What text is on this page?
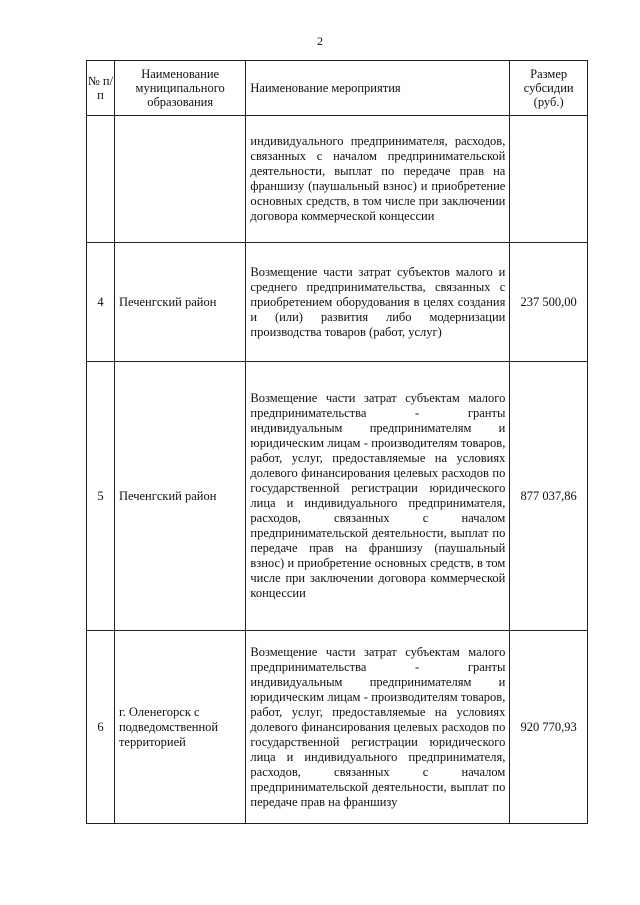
2
№ п/п	Наименование муниципального образования	Наименование мероприятия	Размер субсидии (руб.)
		индивидуального предпринимателя, расходов, связанных с началом предпринимательской деятельности, выплат по передаче прав на франшизу (паушальный взнос) и приобретение основных средств, в том числе при заключении договора коммерческой концессии	
4	Печенгский район	Возмещение части затрат субъектов малого и среднего предпринимательства, связанных с приобретением оборудования в целях создания и (или) развития либо модернизации производства товаров (работ, услуг)	237 500,00
5	Печенгский район	Возмещение части затрат субъектам малого предпринимательства - гранты индивидуальным предпринимателям и юридическим лицам - производителям товаров, работ, услуг, предоставляемые на условиях долевого финансирования целевых расходов по государственной регистрации юридического лица и индивидуального предпринимателя, расходов, связанных с началом предпринимательской деятельности, выплат по передаче прав на франшизу (паушальный взнос) и приобретение основных средств, в том числе при заключении договора коммерческой концессии	877 037,86
6	г. Оленегорск с подведомственной территорией	Возмещение части затрат субъектам малого предпринимательства - гранты индивидуальным предпринимателям и юридическим лицам - производителям товаров, работ, услуг, предоставляемые на условиях долевого финансирования целевых расходов по государственной регистрации юридического лица и индивидуального предпринимателя, расходов, связанных с началом предпринимательской деятельности, выплат по передаче прав на франшизу	920 770,93
